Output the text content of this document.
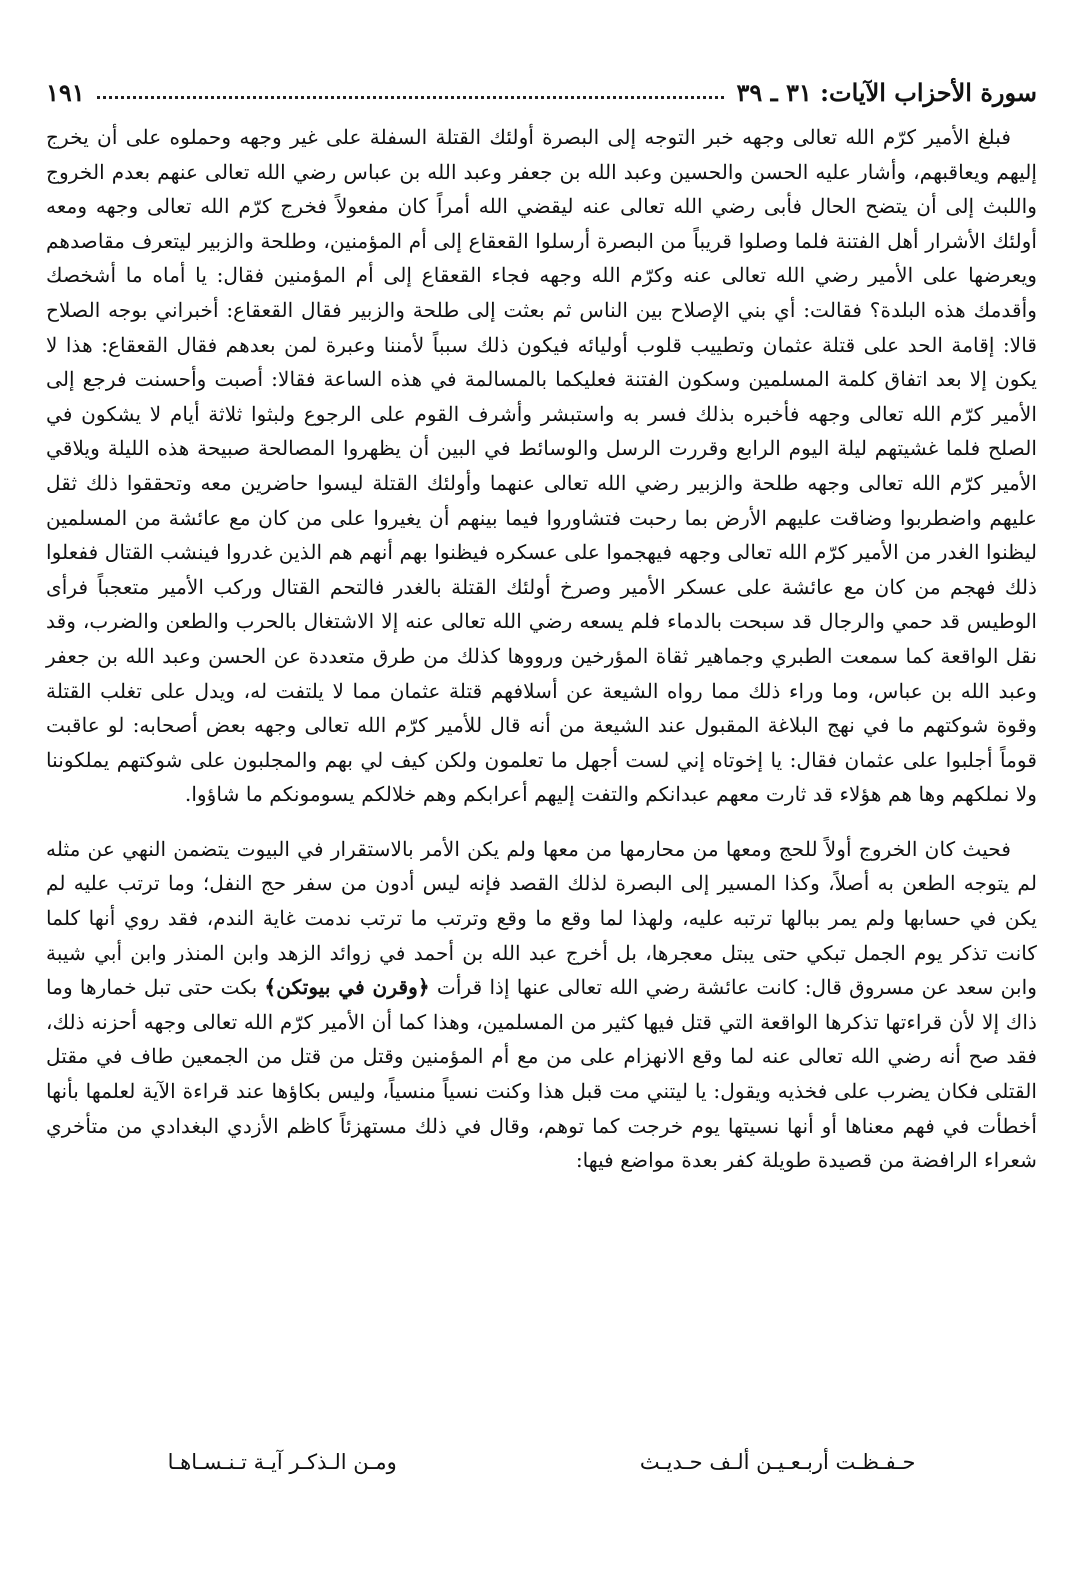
سورة الأحزاب الآيات: ٣١ ـ ٣٩
١٩١

فبلغ الأمير كرّم الله تعالى وجهه خبر التوجه إلى البصرة أولئك القتلة السفلة على غير وجهه وحملوه على أن يخرج إليهم ويعاقبهم، وأشار عليه الحسن والحسين وعبد الله بن جعفر وعبد الله بن عباس رضي الله تعالى عنهم بعدم الخروج واللبث إلى أن يتضح الحال فأبى رضي الله تعالى عنه ليقضي الله أمراً كان مفعولاً فخرج كرّم الله تعالى وجهه ومعه أولئك الأشرار أهل الفتنة فلما وصلوا قريباً من البصرة أرسلوا القعقاع إلى أم المؤمنين، وطلحة والزبير ليتعرف مقاصدهم ويعرضها على الأمير رضي الله تعالى عنه وكرّم الله وجهه فجاء القعقاع إلى أم المؤمنين فقال: يا أماه ما أشخصك وأقدمك هذه البلدة؟ فقالت: أي بني الإصلاح بين الناس ثم بعثت إلى طلحة والزبير فقال القعقاع: أخبراني بوجه الصلاح قالا: إقامة الحد على قتلة عثمان وتطييب قلوب أوليائه فيكون ذلك سبباً لأمننا وعبرة لمن بعدهم فقال القعقاع: هذا لا يكون إلا بعد اتفاق كلمة المسلمين وسكون الفتنة فعليكما بالمسالمة في هذه الساعة فقالا: أصبت وأحسنت فرجع إلى الأمير كرّم الله تعالى وجهه فأخبره بذلك فسر به واستبشر وأشرف القوم على الرجوع ولبثوا ثلاثة أيام لا يشكون في الصلح فلما غشيتهم ليلة اليوم الرابع وقررت الرسل والوسائط في البين أن يظهروا المصالحة صبيحة هذه الليلة ويلاقي الأمير كرّم الله تعالى وجهه طلحة والزبير رضي الله تعالى عنهما وأولئك القتلة ليسوا حاضرين معه وتحققوا ذلك ثقل عليهم واضطربوا وضاقت عليهم الأرض بما رحبت فتشاوروا فيما بينهم أن يغيروا على من كان مع عائشة من المسلمين ليظنوا الغدر من الأمير كرّم الله تعالى وجهه فيهجموا على عسكره فيظنوا بهم أنهم هم الذين غدروا فينشب القتال ففعلوا ذلك فهجم من كان مع عائشة على عسكر الأمير وصرخ أولئك القتلة بالغدر فالتحم القتال وركب الأمير متعجباً فرأى الوطيس قد حمي والرجال قد سبحت بالدماء فلم يسعه رضي الله تعالى عنه إلا الاشتغال بالحرب والطعن والضرب، وقد نقل الواقعة كما سمعت الطبري وجماهير ثقاة المؤرخين ورووها كذلك من طرق متعددة عن الحسن وعبد الله بن جعفر وعبد الله بن عباس، وما وراء ذلك مما رواه الشيعة عن أسلافهم قتلة عثمان مما لا يلتفت له، ويدل على تغلب القتلة وقوة شوكتهم ما في نهج البلاغة المقبول عند الشيعة من أنه قال للأمير كرّم الله تعالى وجهه بعض أصحابه: لو عاقبت قوماً أجلبوا على عثمان فقال: يا إخوتاه إني لست أجهل ما تعلمون ولكن كيف لي بهم والمجلبون على شوكتهم يملكوننا ولا نملكهم وها هم هؤلاء قد ثارت معهم عبدانكم والتفت إليهم أعرابكم وهم خلالكم يسومونكم ما شاؤوا.

فحيث كان الخروج أولاً للحج ومعها من محارمها من معها ولم يكن الأمر بالاستقرار في البيوت يتضمن النهي عن مثله لم يتوجه الطعن به أصلاً، وكذا المسير إلى البصرة لذلك القصد فإنه ليس أدون من سفر حج النفل؛ وما ترتب عليه لم يكن في حسابها ولم يمر ببالها ترتبه عليه، ولهذا لما وقع ما وقع وترتب ما ترتب ندمت غاية الندم، فقد روي أنها كلما كانت تذكر يوم الجمل تبكي حتى يبتل معجرها، بل أخرج عبد الله بن أحمد في زوائد الزهد وابن المنذر وابن أبي شيبة وابن سعد عن مسروق قال: كانت عائشة رضي الله تعالى عنها إذا قرأت ﴿وقرن في بيوتكن﴾ بكت حتى تبل خمارها وما ذاك إلا لأن قراءتها تذكرها الواقعة التي قتل فيها كثير من المسلمين، وهذا كما أن الأمير كرّم الله تعالى وجهه أحزنه ذلك، فقد صح أنه رضي الله تعالى عنه لما وقع الانهزام على من مع أم المؤمنين وقتل من قتل من الجمعين طاف في مقتل القتلى فكان يضرب على فخذيه ويقول: يا ليتني مت قبل هذا وكنت نسياً منسياً، وليس بكاؤها عند قراءة الآية لعلمها بأنها أخطأت في فهم معناها أو أنها نسيتها يوم خرجت كما توهم، وقال في ذلك مستهزئاً كاظم الأزدي البغدادي من متأخري شعراء الرافضة من قصيدة طويلة كفر بعدة مواضع فيها:

حـفـظـت أربـعـيـن ألـف حـديـث
ومـن الـذكـر آيـة تـنـسـاهـا
